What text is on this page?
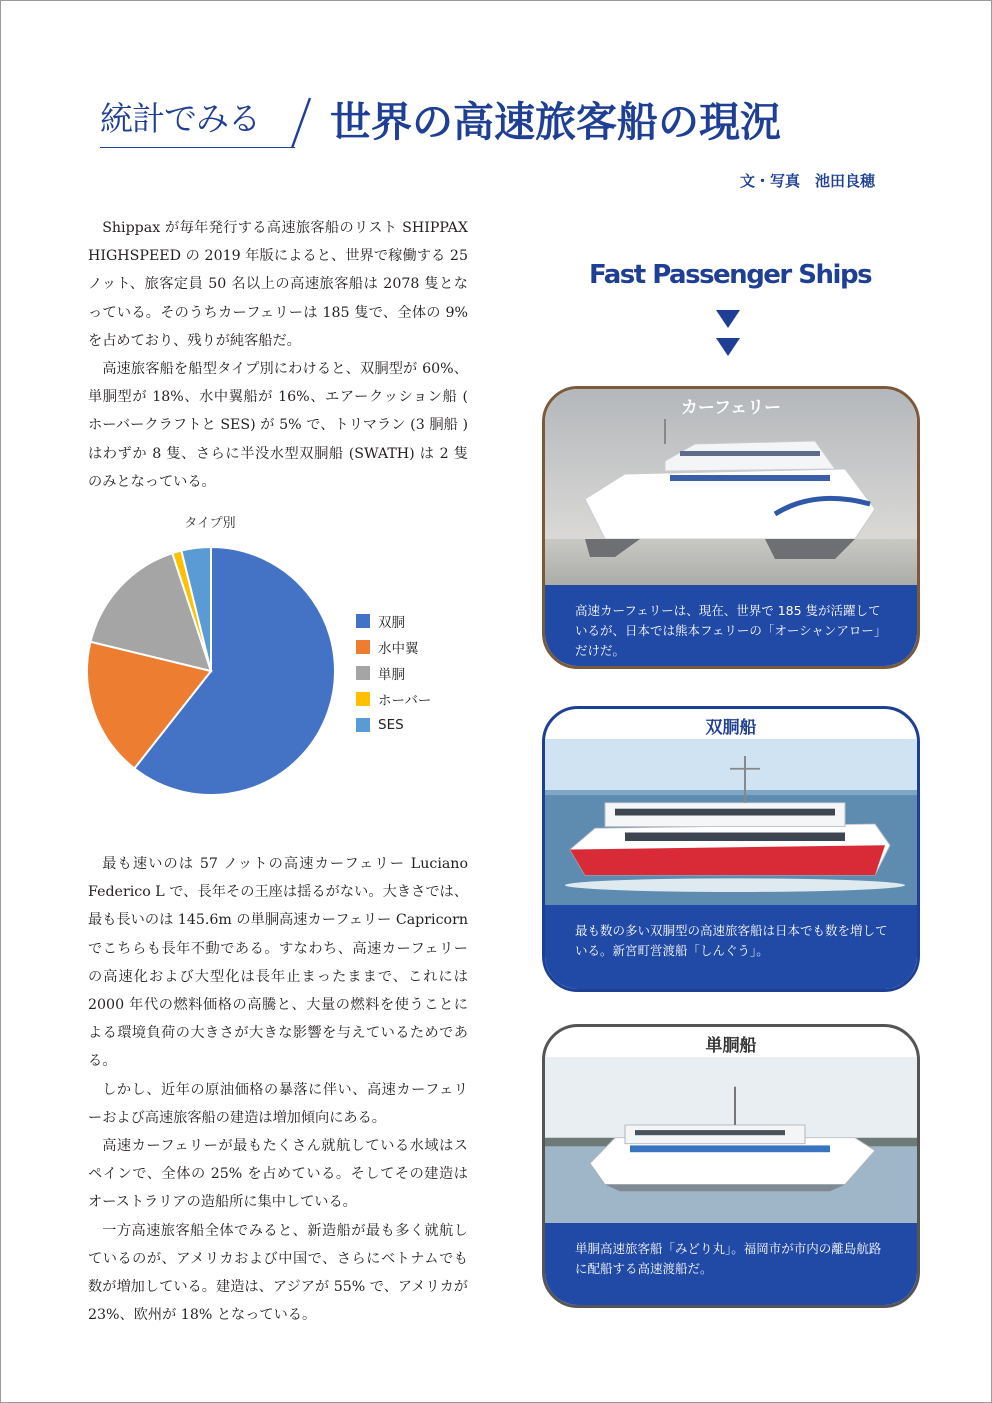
統計でみる 世界の高速旅客船の現況
文・写真　池田良穂

Shippax が毎年発行する高速旅客船のリスト SHIPPAX HIGHSPEED の 2019 年版によると、世界で稼働する 25 ノット、旅客定員 50 名以上の高速旅客船は 2078 隻となっている。そのうちカーフェリーは 185 隻で、全体の 9% を占めており、残りが純客船だ。

高速旅客船を船型タイプ別にわけると、双胴型が 60%、単胴型が 18%、水中翼船が 16%、エアークッション船 ( ホーバークラフトと SES) が 5% で、トリマラン (3 胴船 ) はわずか 8 隻、さらに半没水型双胴船 (SWATH) は 2 隻のみとなっている。

タイプ別
双胴
水中翼
単胴
ホーバー
SES

最も速いのは 57 ノットの高速カーフェリー Luciano Federico L で、長年その王座は揺るがない。大きさでは、最も長いのは 145.6m の単胴高速カーフェリー Capricorn でこちらも長年不動である。すなわち、高速カーフェリーの高速化および大型化は長年止まったままで、これには 2000 年代の燃料価格の高騰と、大量の燃料を使うことによる環境負荷の大きさが大きな影響を与えているためである。

しかし、近年の原油価格の暴落に伴い、高速カーフェリーおよび高速旅客船の建造は増加傾向にある。

高速カーフェリーが最もたくさん就航している水域はスペインで、全体の 25% を占めている。そしてその建造はオーストラリアの造船所に集中している。

一方高速旅客船全体でみると、新造船が最も多く就航しているのが、アメリカおよび中国で、さらにベトナムでも数が増加している。建造は、アジアが 55% で、アメリカが 23%、欧州が 18% となっている。

Fast Passenger Ships
カーフェリー
高速カーフェリーは、現在、世界で 185 隻が活躍しているが、日本では熊本フェリーの「オーシャンアロー」だけだ。
双胴船
最も数の多い双胴型の高速旅客船は日本でも数を増している。新宮町営渡船「しんぐう」。
単胴船
単胴高速旅客船「みどり丸」。福岡市が市内の離島航路に配船する高速渡船だ。
